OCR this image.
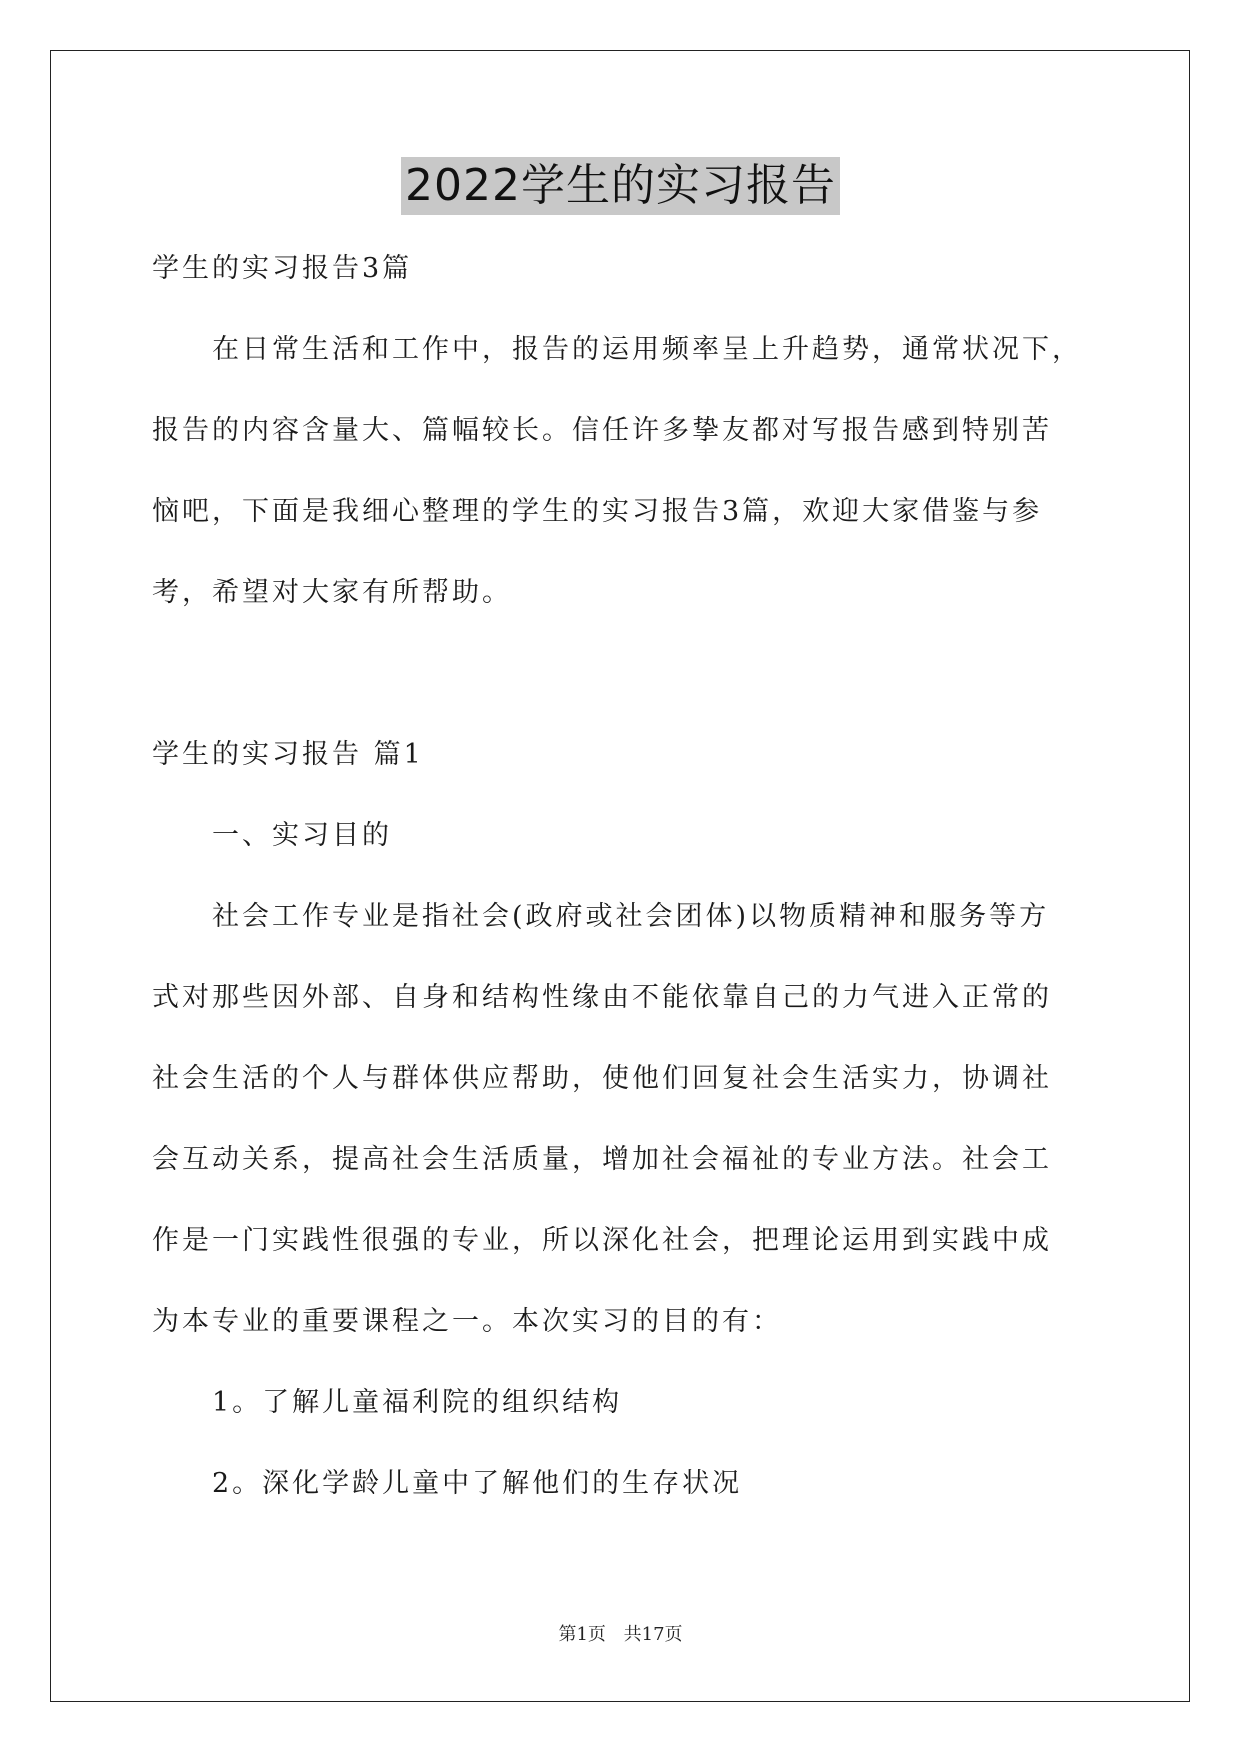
2022学生的实习报告
学生的实习报告3篇
在日常生活和工作中，报告的运用频率呈上升趋势，通常状况下，
报告的内容含量大、篇幅较长。信任许多挚友都对写报告感到特别苦
恼吧，下面是我细心整理的学生的实习报告3篇，欢迎大家借鉴与参
考，希望对大家有所帮助。
学生的实习报告 篇1
一、实习目的
社会工作专业是指社会(政府或社会团体)以物质精神和服务等方
式对那些因外部、自身和结构性缘由不能依靠自己的力气进入正常的
社会生活的个人与群体供应帮助，使他们回复社会生活实力，协调社
会互动关系，提高社会生活质量，增加社会福祉的专业方法。社会工
作是一门实践性很强的专业，所以深化社会，把理论运用到实践中成
为本专业的重要课程之一。本次实习的目的有：
1。了解儿童福利院的组织结构
2。深化学龄儿童中了解他们的生存状况
第1页 共17页
